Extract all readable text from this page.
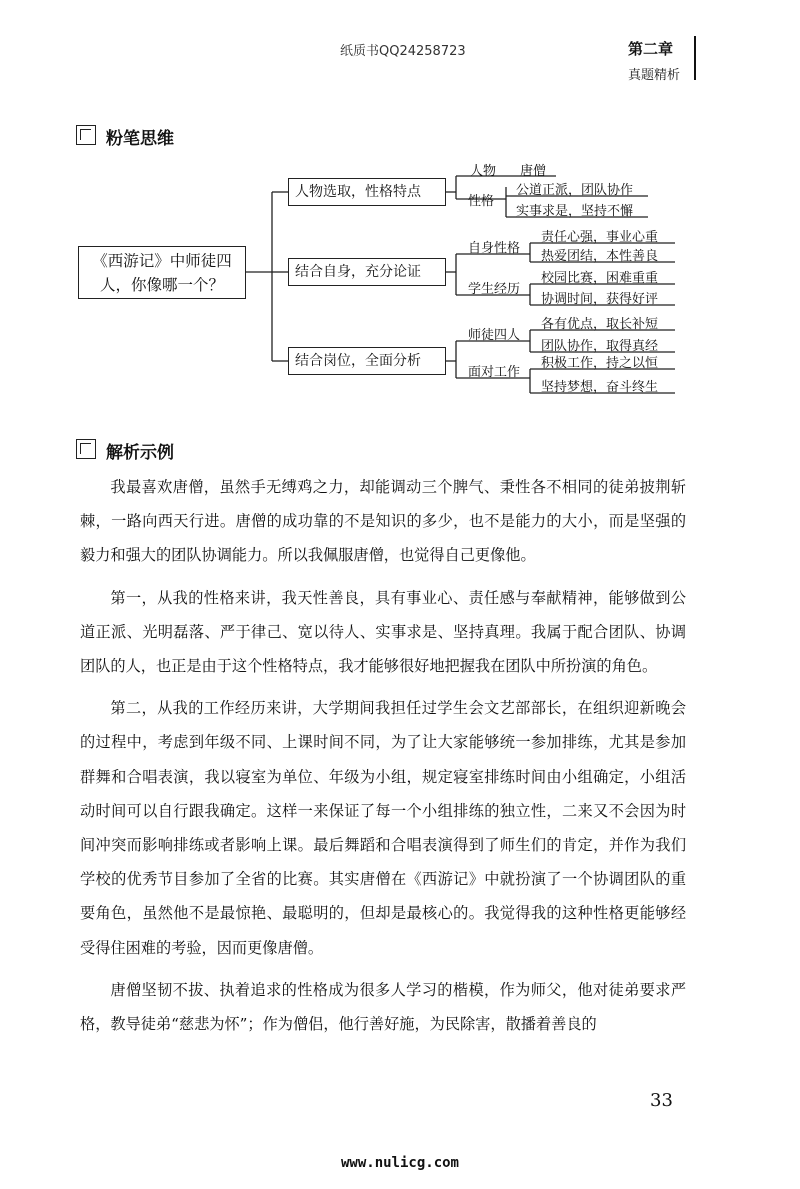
纸质书QQ24258723	第二章
真题精析
粉笔思维
《西游记》中师徒四人，你像哪一个？
人物选取，性格特点
结合自身，充分论证
结合岗位，全面分析
人物 唐僧
性格
公道正派，团队协作
实事求是，坚持不懈
自身性格
责任心强，事业心重
热爱团结，本性善良
学生经历
校园比赛，困难重重
协调时间，获得好评
师徒四人
各有优点，取长补短
团队协作，取得真经
面对工作
积极工作，持之以恒
坚持梦想，奋斗终生
解析示例

我最喜欢唐僧，虽然手无缚鸡之力，却能调动三个脾气、秉性各不相同的徒弟披荆斩棘，一路向西天行进。唐僧的成功靠的不是知识的多少，也不是能力的大小，而是坚强的毅力和强大的团队协调能力。所以我佩服唐僧，也觉得自己更像他。

第一，从我的性格来讲，我天性善良，具有事业心、责任感与奉献精神，能够做到公道正派、光明磊落、严于律己、宽以待人、实事求是、坚持真理。我属于配合团队、协调团队的人，也正是由于这个性格特点，我才能够很好地把握我在团队中所扮演的角色。

第二，从我的工作经历来讲，大学期间我担任过学生会文艺部部长，在组织迎新晚会的过程中，考虑到年级不同、上课时间不同，为了让大家能够统一参加排练，尤其是参加群舞和合唱表演，我以寝室为单位、年级为小组，规定寝室排练时间由小组确定，小组活动时间可以自行跟我确定。这样一来保证了每一个小组排练的独立性，二来又不会因为时间冲突而影响排练或者影响上课。最后舞蹈和合唱表演得到了师生们的肯定，并作为我们学校的优秀节目参加了全省的比赛。其实唐僧在《西游记》中就扮演了一个协调团队的重要角色，虽然他不是最惊艳、最聪明的，但却是最核心的。我觉得我的这种性格更能够经受得住困难的考验，因而更像唐僧。

唐僧坚韧不拔、执着追求的性格成为很多人学习的楷模，作为师父，他对徒弟要求严格，教导徒弟“慈悲为怀”；作为僧侣，他行善好施，为民除害，散播着善良的

33
www.nulicg.com
